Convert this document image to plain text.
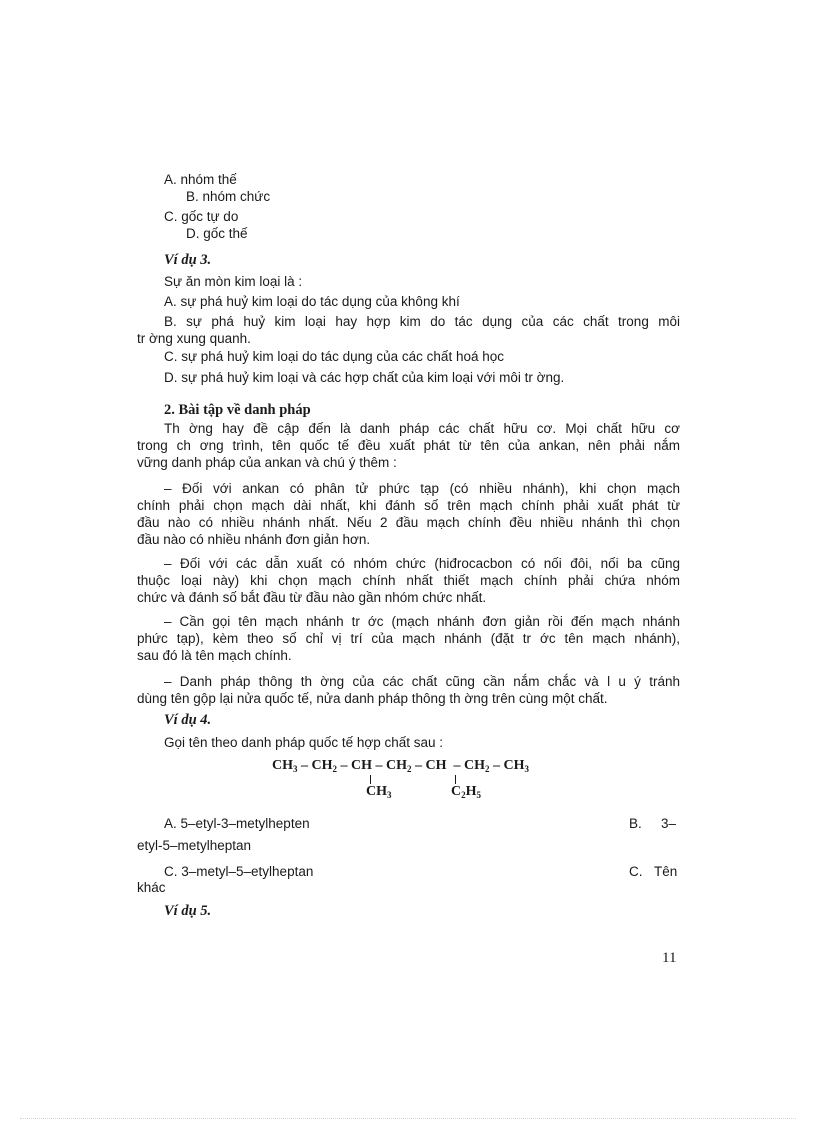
A. nhóm thế
B. nhóm chức
C. gốc tự do
D. gốc thế
Ví dụ 3.
Sự ăn mòn kim loại là :
A. sự phá huỷ kim loại do tác dụng của không khí
B. sự phá huỷ kim loại hay hợp kim do tác dụng của các chất trong môi
tr ờng xung quanh.
C. sự phá huỷ kim loại do tác dụng của các chất hoá học
D. sự phá huỷ kim loại và các hợp chất của kim loại với môi tr ờng.
2. Bài tập về danh pháp
Th ờng hay đề cập đến là danh pháp các chất hữu cơ. Mọi chất hữu cơ
trong ch ơng trình, tên quốc tế đều xuất phát từ tên của ankan, nên phải nắm
vững danh pháp của ankan và chú ý thêm :
– Đối với ankan có phân tử phức tạp (có nhiều nhánh), khi chọn mạch
chính phải chọn mạch dài nhất, khi đánh số trên mạch chính phải xuất phát từ
đầu nào có nhiều nhánh nhất. Nếu 2 đầu mạch chính đều nhiều nhánh thì chọn
đầu nào có nhiều nhánh đơn giản hơn.
– Đối với các dẫn xuất có nhóm chức (hiđrocacbon có nối đôi, nối ba cũng
thuộc loại này) khi chọn mạch chính nhất thiết mạch chính phải chứa nhóm
chức và đánh số bắt đầu từ đầu nào gần nhóm chức nhất.
– Cần gọi tên mạch nhánh tr ớc (mạch nhánh đơn giản rồi đến mạch nhánh
phức tạp), kèm theo số chỉ vị trí của mạch nhánh (đặt tr ớc tên mạch nhánh),
sau đó là tên mạch chính.
– Danh pháp thông th ờng của các chất cũng cần nắm chắc và l u ý tránh
dùng tên gộp lại nửa quốc tế, nửa danh pháp thông th ờng trên cùng một chất.
Ví dụ 4.
Gọi tên theo danh pháp quốc tế hợp chất sau :
$CH_3 - CH_2$ – CH – $CH_2$ – CH – $CH_2 - CH_3$
$CH_3$	$C_2H_5$
A. 5–etyl-3–metylhepten	B. 3–
etyl-5–metylheptan
C. 3–metyl–5–etylheptan	C. Tên
khác
Ví dụ 5.
11
